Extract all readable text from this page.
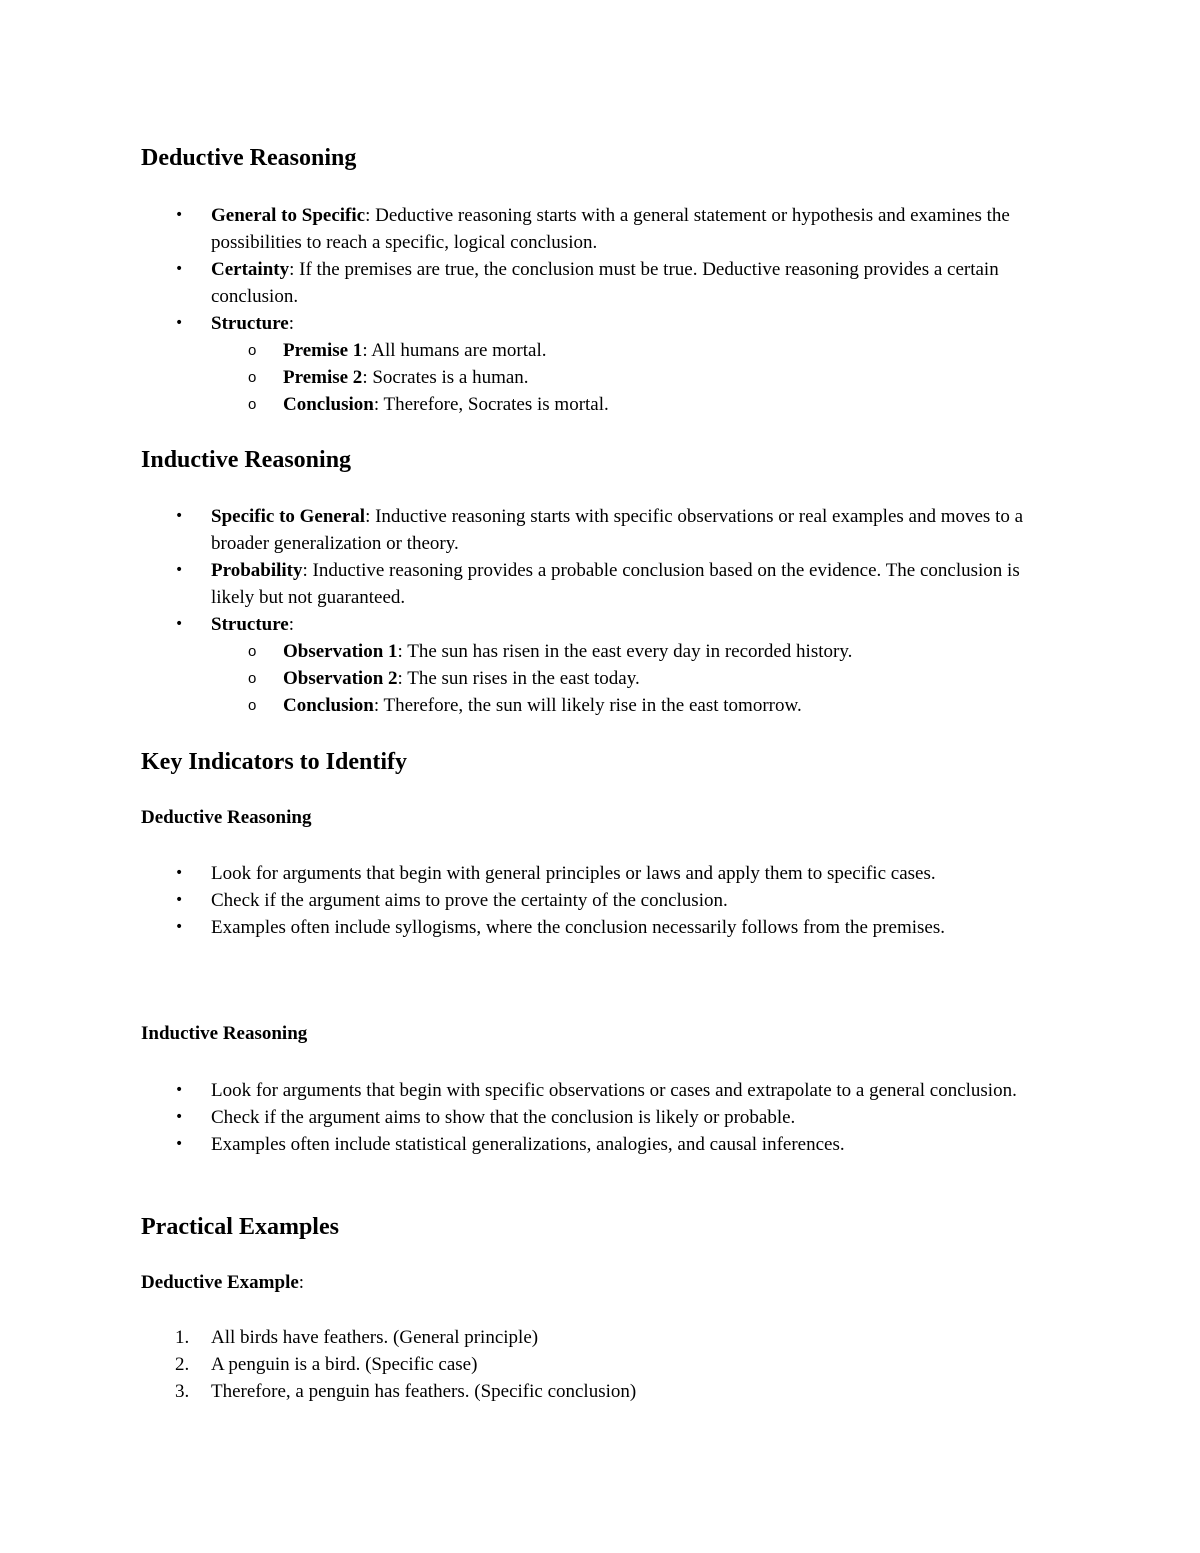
Deductive Reasoning
• General to Specific: Deductive reasoning starts with a general statement or hypothesis and examines the possibilities to reach a specific, logical conclusion.
• Certainty: If the premises are true, the conclusion must be true. Deductive reasoning provides a certain conclusion.
• Structure:
o Premise 1: All humans are mortal.
o Premise 2: Socrates is a human.
o Conclusion: Therefore, Socrates is mortal.
Inductive Reasoning
• Specific to General: Inductive reasoning starts with specific observations or real examples and moves to a broader generalization or theory.
• Probability: Inductive reasoning provides a probable conclusion based on the evidence. The conclusion is likely but not guaranteed.
• Structure:
o Observation 1: The sun has risen in the east every day in recorded history.
o Observation 2: The sun rises in the east today.
o Conclusion: Therefore, the sun will likely rise in the east tomorrow.
Key Indicators to Identify
Deductive Reasoning
• Look for arguments that begin with general principles or laws and apply them to specific cases.
• Check if the argument aims to prove the certainty of the conclusion.
• Examples often include syllogisms, where the conclusion necessarily follows from the premises.
Inductive Reasoning
• Look for arguments that begin with specific observations or cases and extrapolate to a general conclusion.
• Check if the argument aims to show that the conclusion is likely or probable.
• Examples often include statistical generalizations, analogies, and causal inferences.
Practical Examples
Deductive Example:
1. All birds have feathers. (General principle)
2. A penguin is a bird. (Specific case)
3. Therefore, a penguin has feathers. (Specific conclusion)
